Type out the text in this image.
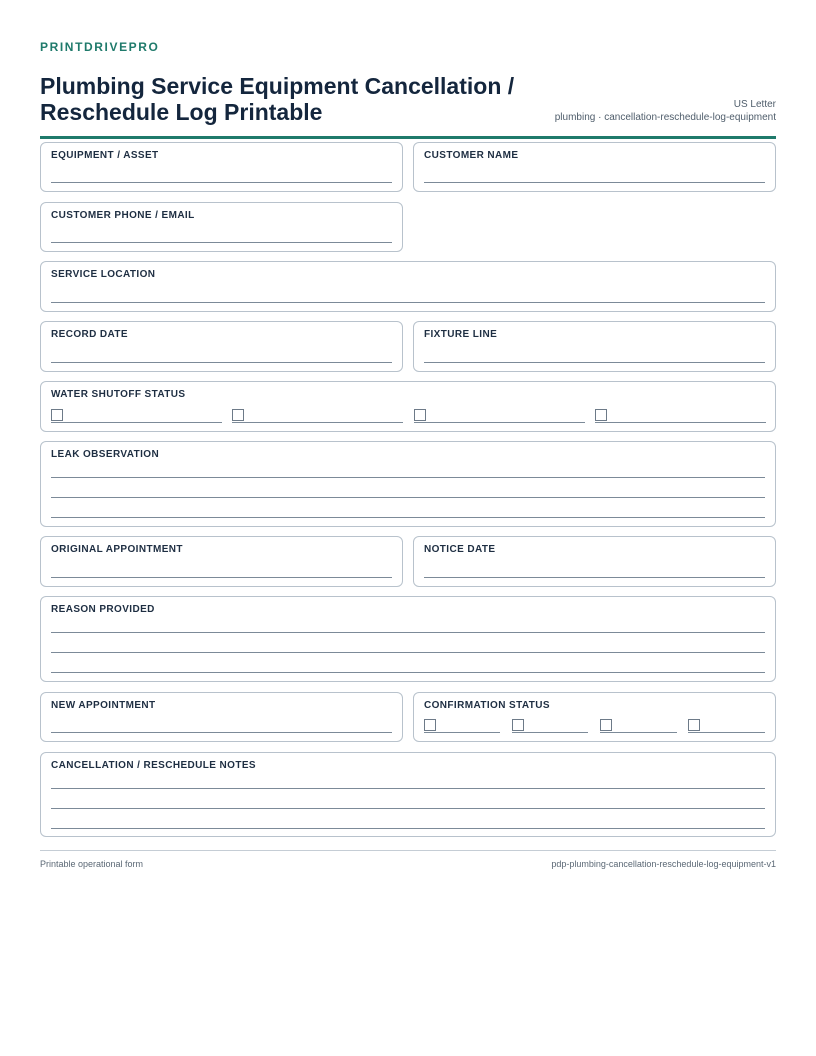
PRINTDRIVEPRO
Plumbing Service Equipment Cancellation / Reschedule Log Printable	US Letter
plumbing · cancellation-reschedule-log-equipment
EQUIPMENT / ASSET	CUSTOMER NAME
CUSTOMER PHONE / EMAIL
SERVICE LOCATION
RECORD DATE	FIXTURE LINE
WATER SHUTOFF STATUS
LEAK OBSERVATION
ORIGINAL APPOINTMENT	NOTICE DATE
REASON PROVIDED
NEW APPOINTMENT	CONFIRMATION STATUS
CANCELLATION / RESCHEDULE NOTES
Printable operational form	pdp-plumbing-cancellation-reschedule-log-equipment-v1
